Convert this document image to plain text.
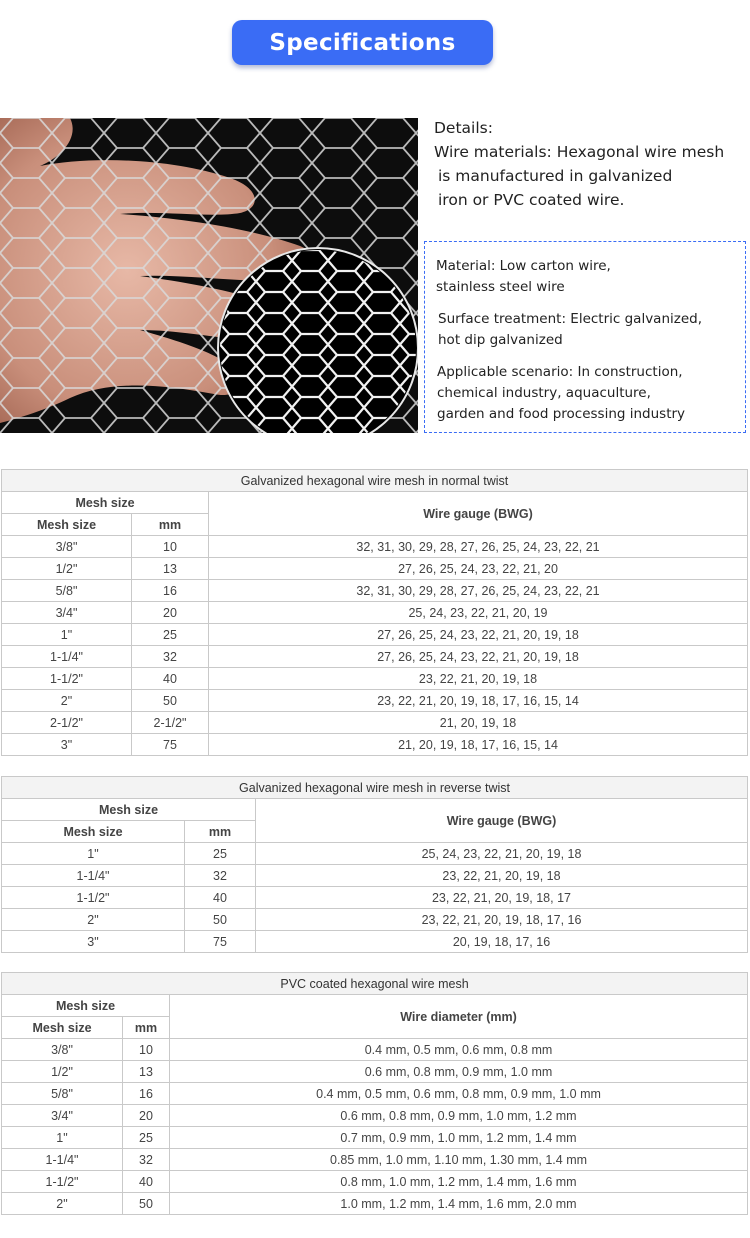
Specifications
Details:
Wire materials: Hexagonal wire mesh
is manufactured in galvanized
iron or PVC coated wire.
Material: Low carton wire,
stainless steel wire
Surface treatment: Electric galvanized,
hot dip galvanized
Applicable scenario: In construction,
chemical industry, aquaculture,
garden and food processing industry
Galvanized hexagonal wire mesh in normal twist		
Mesh size		Wire gauge (BWG)
Mesh size	mm	
3/8"	10	32, 31, 30, 29, 28, 27, 26, 25, 24, 23, 22, 21
1/2"	13	27, 26, 25, 24, 23, 22, 21, 20
5/8"	16	32, 31, 30, 29, 28, 27, 26, 25, 24, 23, 22, 21
3/4"	20	25, 24, 23, 22, 21, 20, 19
1"	25	27, 26, 25, 24, 23, 22, 21, 20, 19, 18
1-1/4"	32	27, 26, 25, 24, 23, 22, 21, 20, 19, 18
1-1/2"	40	23, 22, 21, 20, 19, 18
2"	50	23, 22, 21, 20, 19, 18, 17, 16, 15, 14
2-1/2"	2-1/2"	21, 20, 19, 18
3"	75	21, 20, 19, 18, 17, 16, 15, 14
Galvanized hexagonal wire mesh in reverse twist		
Mesh size		Wire gauge (BWG)
Mesh size	mm	
1"	25	25, 24, 23, 22, 21, 20, 19, 18
1-1/4"	32	23, 22, 21, 20, 19, 18
1-1/2"	40	23, 22, 21, 20, 19, 18, 17
2"	50	23, 22, 21, 20, 19, 18, 17, 16
3"	75	20, 19, 18, 17, 16
PVC coated hexagonal wire mesh		
Mesh size		Wire diameter (mm)
Mesh size	mm	
3/8"	10	0.4 mm, 0.5 mm, 0.6 mm, 0.8 mm
1/2"	13	0.6 mm, 0.8 mm, 0.9 mm, 1.0 mm
5/8"	16	0.4 mm, 0.5 mm, 0.6 mm, 0.8 mm, 0.9 mm, 1.0 mm
3/4"	20	0.6 mm, 0.8 mm, 0.9 mm, 1.0 mm, 1.2 mm
1"	25	0.7 mm, 0.9 mm, 1.0 mm, 1.2 mm, 1.4 mm
1-1/4"	32	0.85 mm, 1.0 mm, 1.10 mm, 1.30 mm, 1.4 mm
1-1/2"	40	0.8 mm, 1.0 mm, 1.2 mm, 1.4 mm, 1.6 mm
2"	50	1.0 mm, 1.2 mm, 1.4 mm, 1.6 mm, 2.0 mm
